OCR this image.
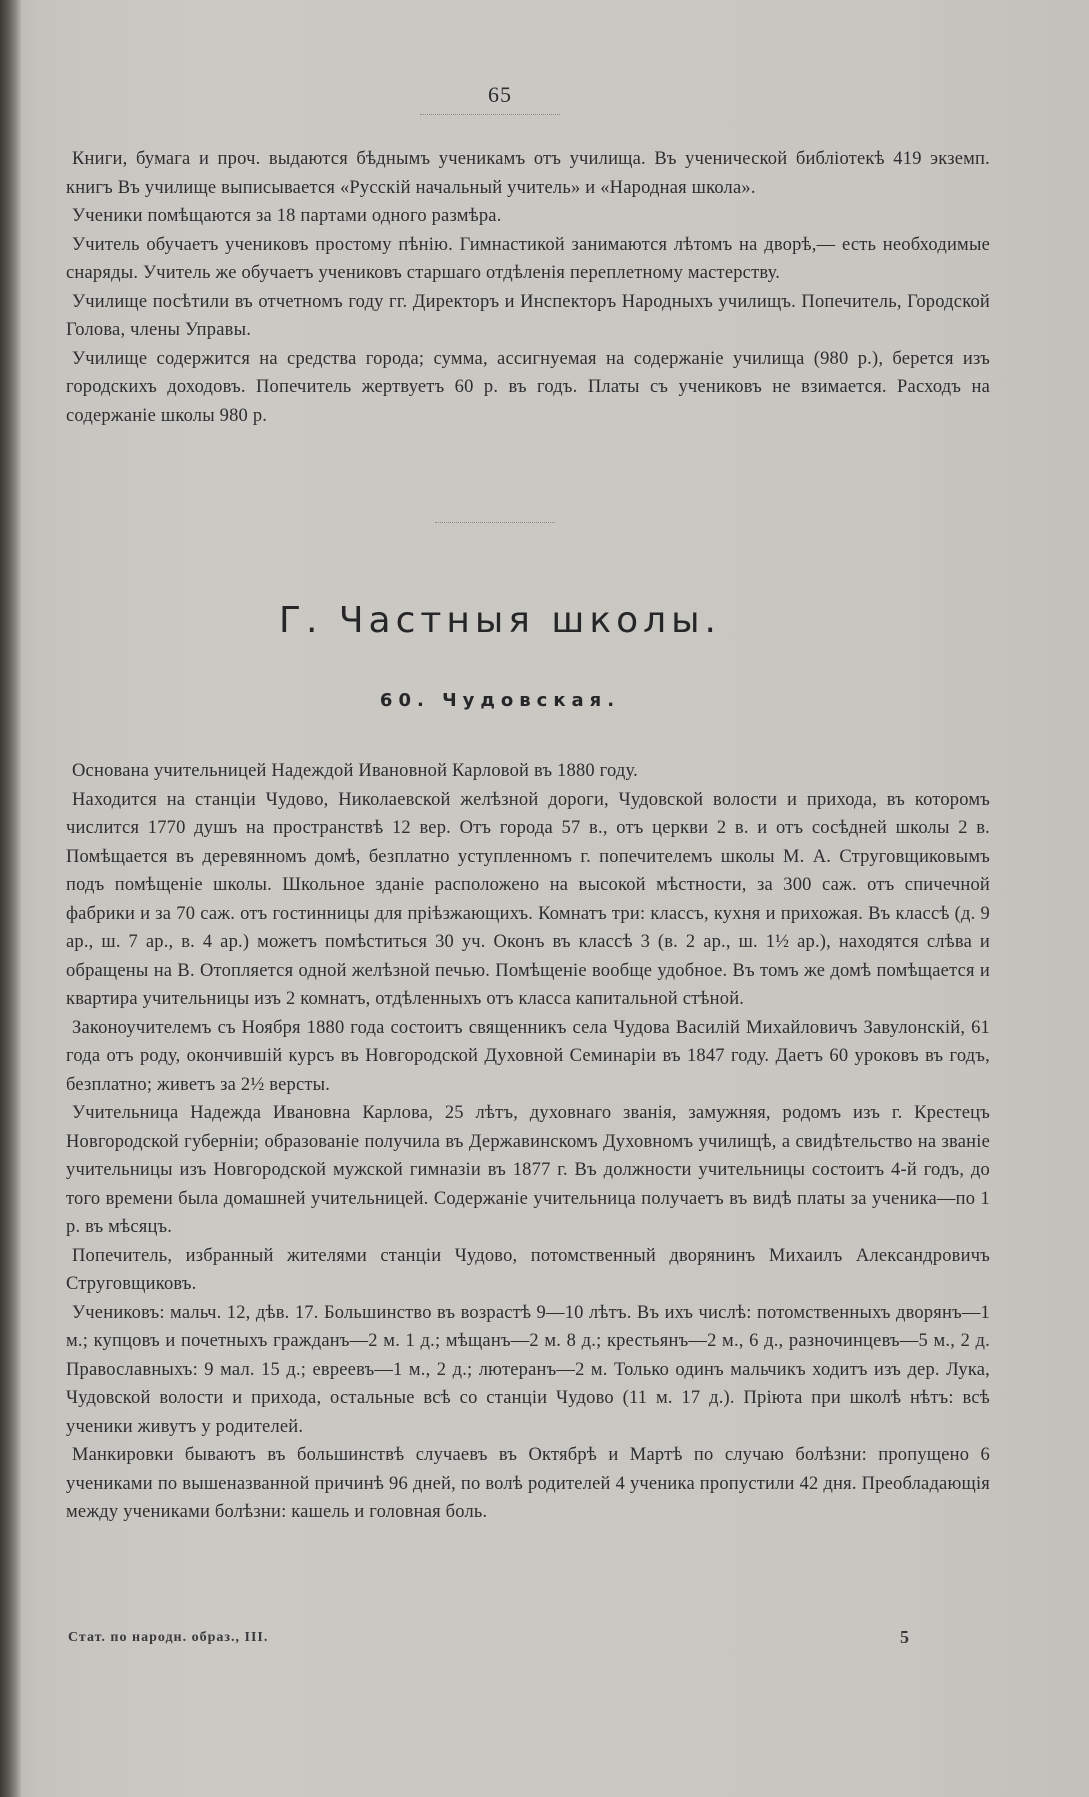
65

Книги, бумага и проч. выдаются бѣднымъ ученикамъ отъ училища. Въ ученической библіотекѣ 419 экземп. книгъ Въ училище выписывается «Русскій начальный учитель» и «Народная школа».

Ученики помѣщаются за 18 партами одного размѣра.

Учитель обучаетъ учениковъ простому пѣнію. Гимнастикой занимаются лѣтомъ на дворѣ,— есть необходимые снаряды. Учитель же обучаетъ учениковъ старшаго отдѣленія переплетному мастерству.

Училище посѣтили въ отчетномъ году гг. Директоръ и Инспекторъ Народныхъ училищъ. Попечитель, Городской Голова, члены Управы.

Училище содержится на средства города; сумма, ассигнуемая на содержаніе училища (980 р.), берется изъ городскихъ доходовъ. Попечитель жертвуетъ 60 р. въ годъ. Платы съ учениковъ не взимается. Расходъ на содержаніе школы 980 р.

Г. Частныя школы.
60. Чудовская.

Основана учительницей Надеждой Ивановной Карловой въ 1880 году.

Находится на станціи Чудово, Николаевской желѣзной дороги, Чудовской волости и прихода, въ которомъ числится 1770 душъ на пространствѣ 12 вер. Отъ города 57 в., отъ церкви 2 в. и отъ сосѣдней школы 2 в. Помѣщается въ деревянномъ домѣ, безплатно уступленномъ г. попечителемъ школы М. А. Струговщиковымъ подъ помѣщеніе школы. Школьное зданіе расположено на высокой мѣстности, за 300 саж. отъ спичечной фабрики и за 70 саж. отъ гостинницы для пріѣзжающихъ. Комнатъ три: классъ, кухня и прихожая. Въ классѣ (д. 9 ар., ш. 7 ар., в. 4 ар.) можетъ помѣститься 30 уч. Оконъ въ классѣ 3 (в. 2 ар., ш. 1½ ар.), находятся слѣва и обращены на В. Отопляется одной желѣзной печью. Помѣщеніе вообще удобное. Въ томъ же домѣ помѣщается и квартира учительницы изъ 2 комнатъ, отдѣленныхъ отъ класса капитальной стѣной.

Законоучителемъ съ Ноября 1880 года состоитъ священникъ села Чудова Василій Михайловичъ Завулонскій, 61 года отъ роду, окончившій курсъ въ Новгородской Духовной Семинаріи въ 1847 году. Даетъ 60 уроковъ въ годъ, безплатно; живетъ за 2½ версты.

Учительница Надежда Ивановна Карлова, 25 лѣтъ, духовнаго званія, замужняя, родомъ изъ г. Крестецъ Новгородской губерніи; образованіе получила въ Державинскомъ Духовномъ училищѣ, а свидѣтельство на званіе учительницы изъ Новгородской мужской гимназіи въ 1877 г. Въ должности учительницы состоитъ 4-й годъ, до того времени была домашней учительницей. Содержаніе учительница получаетъ въ видѣ платы за ученика—по 1 р. въ мѣсяцъ.

Попечитель, избранный жителями станціи Чудово, потомственный дворянинъ Михаилъ Александровичъ Струговщиковъ.

Учениковъ: мальч. 12, дѣв. 17. Большинство въ возрастѣ 9—10 лѣтъ. Въ ихъ числѣ: потомственныхъ дворянъ—1 м.; купцовъ и почетныхъ гражданъ—2 м. 1 д.; мѣщанъ—2 м. 8 д.; крестьянъ—2 м., 6 д., разночинцевъ—5 м., 2 д. Православныхъ: 9 мал. 15 д.; евреевъ—1 м., 2 д.; лютеранъ—2 м. Только одинъ мальчикъ ходитъ изъ дер. Лука, Чудовской волости и прихода, остальные всѣ со станціи Чудово (11 м. 17 д.). Пріюта при школѣ нѣтъ: всѣ ученики живутъ у родителей.

Манкировки бываютъ въ большинствѣ случаевъ въ Октябрѣ и Мартѣ по случаю болѣзни: пропущено 6 учениками по вышеназванной причинѣ 96 дней, по волѣ родителей 4 ученика пропустили 42 дня. Преобладающія между учениками болѣзни: кашель и головная боль.

Стат. по народн. образ., III.	5
